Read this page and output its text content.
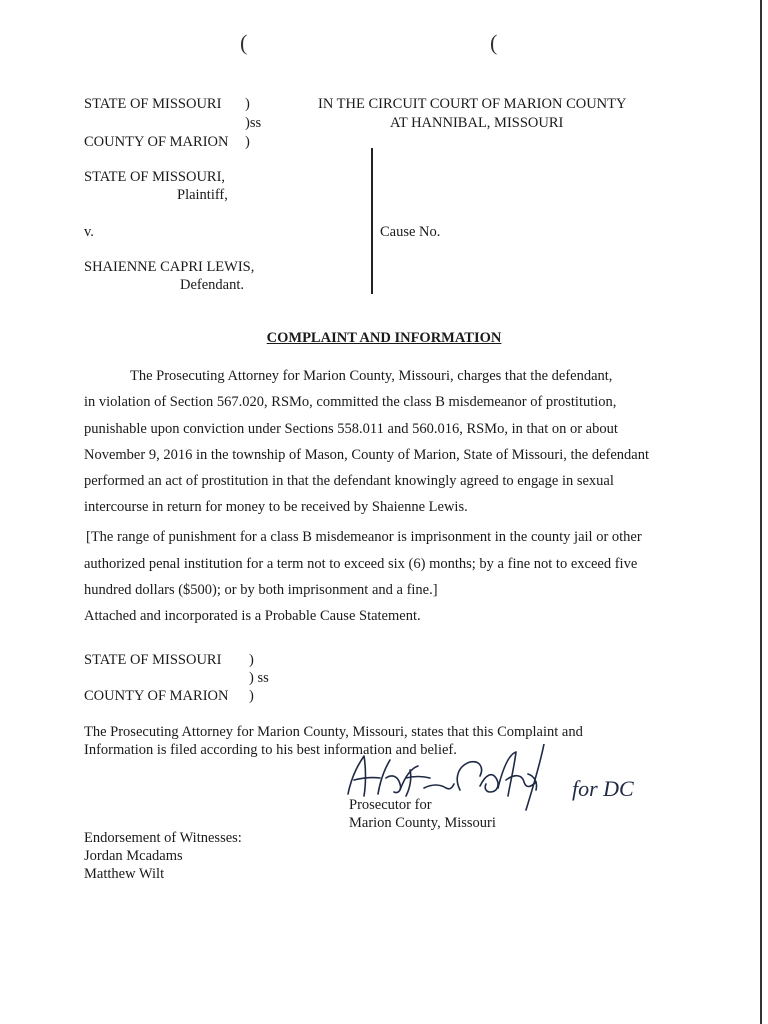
(	(
STATE OF MISSOURI )
)ss
COUNTY OF MARION )
IN THE CIRCUIT COURT OF MARION COUNTY
AT HANNIBAL, MISSOURI
STATE OF MISSOURI,
Plaintiff,
v.	Cause No.
SHAIENNE CAPRI LEWIS,
Defendant.
COMPLAINT AND INFORMATION
The Prosecuting Attorney for Marion County, Missouri, charges that the defendant,
in violation of Section 567.020, RSMo, committed the class B misdemeanor of prostitution,
punishable upon conviction under Sections 558.011 and 560.016, RSMo, in that on or about
November 9, 2016 in the township of Mason, County of Marion, State of Missouri, the defendant
performed an act of prostitution in that the defendant knowingly agreed to engage in sexual
intercourse in return for money to be received by Shaienne Lewis.
[The range of punishment for a class B misdemeanor is imprisonment in the county jail or other
authorized penal institution for a term not to exceed six (6) months; by a fine not to exceed five
hundred dollars ($500); or by both imprisonment and a fine.]
Attached and incorporated is a Probable Cause Statement.
STATE OF MISSOURI )
) ss
COUNTY OF MARION )
The Prosecuting Attorney for Marion County, Missouri, states that this Complaint and
Information is filed according to his best information and belief.
for DC
Prosecutor for
Marion County, Missouri
Endorsement of Witnesses:
Jordan Mcadams
Matthew Wilt
